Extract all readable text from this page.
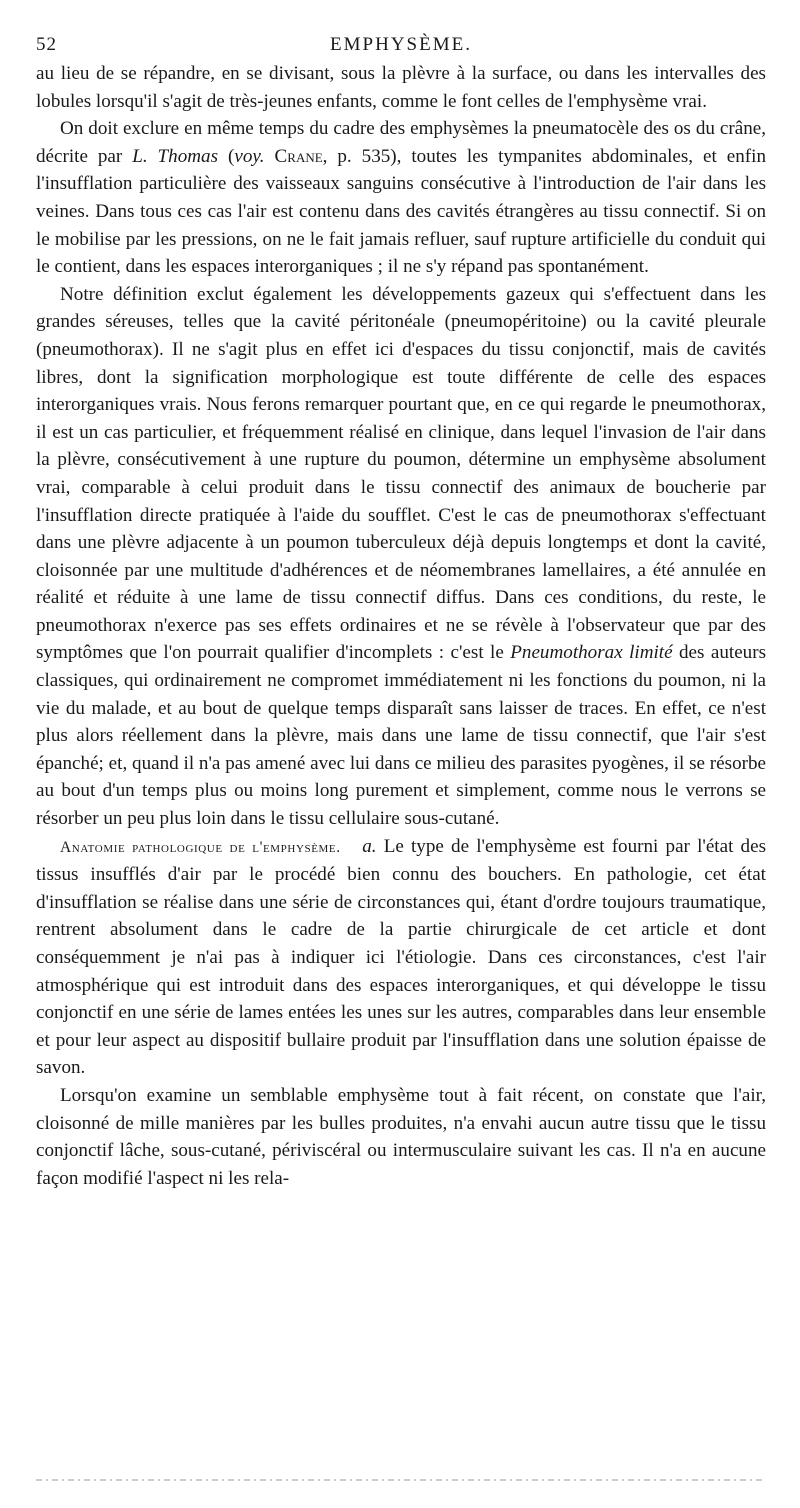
52	EMPHYSÈME.

au lieu de se répandre, en se divisant, sous la plèvre à la surface, ou dans les intervalles des lobules lorsqu'il s'agit de très-jeunes enfants, comme le font celles de l'emphysème vrai.

On doit exclure en même temps du cadre des emphysèmes la pneumatocèle des os du crâne, décrite par L. Thomas (voy. Crane, p. 535), toutes les tympanites abdominales, et enfin l'insufflation particulière des vaisseaux sanguins consécutive à l'introduction de l'air dans les veines. Dans tous ces cas l'air est contenu dans des cavités étrangères au tissu connectif. Si on le mobilise par les pressions, on ne le fait jamais refluer, sauf rupture artificielle du conduit qui le contient, dans les espaces interorganiques ; il ne s'y répand pas spontanément.

Notre définition exclut également les développements gazeux qui s'effectuent dans les grandes séreuses, telles que la cavité péritonéale (pneumopéritoine) ou la cavité pleurale (pneumothorax). Il ne s'agit plus en effet ici d'espaces du tissu conjonctif, mais de cavités libres, dont la signification morphologique est toute différente de celle des espaces interorganiques vrais. Nous ferons remarquer pourtant que, en ce qui regarde le pneumothorax, il est un cas particulier, et fréquemment réalisé en clinique, dans lequel l'invasion de l'air dans la plèvre, consécutivement à une rupture du poumon, détermine un emphysème absolument vrai, comparable à celui produit dans le tissu connectif des animaux de boucherie par l'insufflation directe pratiquée à l'aide du soufflet. C'est le cas de pneumothorax s'effectuant dans une plèvre adjacente à un poumon tuberculeux déjà depuis longtemps et dont la cavité, cloisonnée par une multitude d'adhérences et de néomembranes lamellaires, a été annulée en réalité et réduite à une lame de tissu connectif diffus. Dans ces conditions, du reste, le pneumothorax n'exerce pas ses effets ordinaires et ne se révèle à l'observateur que par des symptômes que l'on pourrait qualifier d'incomplets : c'est le Pneumothorax limité des auteurs classiques, qui ordinairement ne compromet immédiatement ni les fonctions du poumon, ni la vie du malade, et au bout de quelque temps disparaît sans laisser de traces. En effet, ce n'est plus alors réellement dans la plèvre, mais dans une lame de tissu connectif, que l'air s'est épanché; et, quand il n'a pas amené avec lui dans ce milieu des parasites pyogènes, il se résorbe au bout d'un temps plus ou moins long purement et simplement, comme nous le verrons se résorber un peu plus loin dans le tissu cellulaire sous-cutané.

Anatomie pathologique de l'emphysème. a. Le type de l'emphysème est fourni par l'état des tissus insufflés d'air par le procédé bien connu des bouchers. En pathologie, cet état d'insufflation se réalise dans une série de circonstances qui, étant d'ordre toujours traumatique, rentrent absolument dans le cadre de la partie chirurgicale de cet article et dont conséquemment je n'ai pas à indiquer ici l'étiologie. Dans ces circonstances, c'est l'air atmosphérique qui est introduit dans des espaces interorganiques, et qui développe le tissu conjonctif en une série de lames entées les unes sur les autres, comparables dans leur ensemble et pour leur aspect au dispositif bullaire produit par l'insufflation dans une solution épaisse de savon.

Lorsqu'on examine un semblable emphysème tout à fait récent, on constate que l'air, cloisonné de mille manières par les bulles produites, n'a envahi aucun autre tissu que le tissu conjonctif lâche, sous-cutané, périviscéral ou intermusculaire suivant les cas. Il n'a en aucune façon modifié l'aspect ni les rela-
